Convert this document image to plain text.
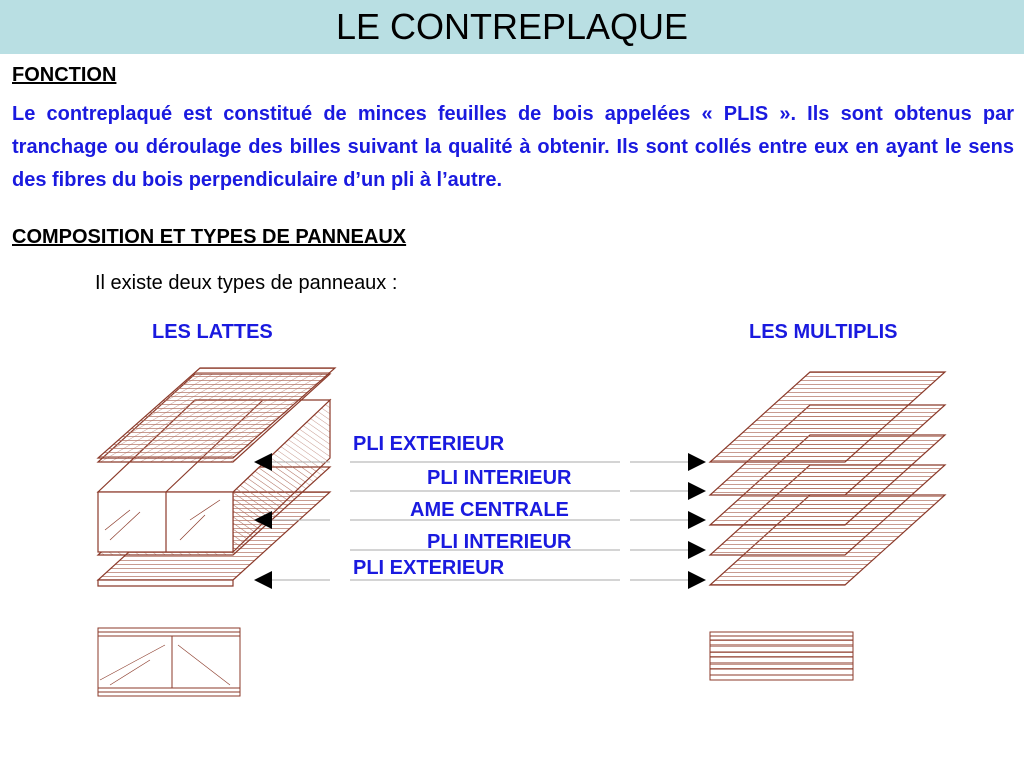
LE CONTREPLAQUE
FONCTION

Le contreplaqué est constitué de minces feuilles de bois appelées « PLIS ». Ils sont obtenus par tranchage ou déroulage des billes suivant la qualité à obtenir. Ils sont collés entre eux en ayant le sens des fibres du bois perpendiculaire d’un pli à l’autre.

COMPOSITION ET TYPES DE PANNEAUX
Il existe deux types de panneaux :
LES LATTES	LES MULTIPLIS
PLI EXTERIEUR
PLI INTERIEUR
AME CENTRALE
PLI INTERIEUR
PLI EXTERIEUR
